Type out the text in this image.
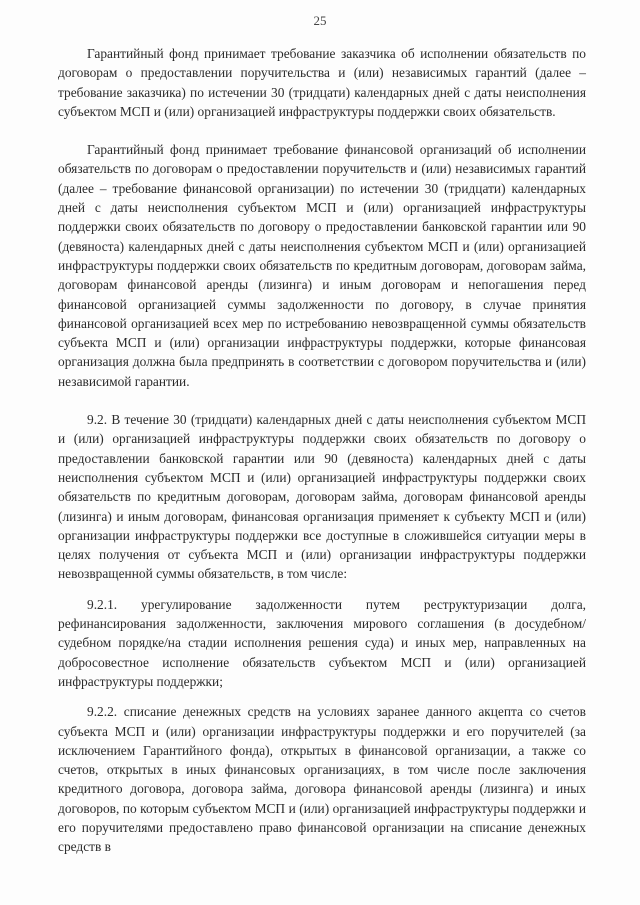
25

Гарантийный фонд принимает требование заказчика об исполнении обязательств по договорам о предоставлении поручительства и (или) независимых гарантий (далее – требование заказчика) по истечении 30 (тридцати) календарных дней с даты неисполнения субъектом МСП и (или) организацией инфраструктуры поддержки своих обязательств.

Гарантийный фонд принимает требование финансовой организаций об исполнении обязательств по договорам о предоставлении поручительств и (или) независимых гарантий (далее – требование финансовой организации) по истечении 30 (тридцати) календарных дней с даты неисполнения субъектом МСП и (или) организацией инфраструктуры поддержки своих обязательств по договору о предоставлении банковской гарантии или 90 (девяноста) календарных дней с даты неисполнения субъектом МСП и (или) организацией инфраструктуры поддержки своих обязательств по кредитным договорам, договорам займа, договорам финансовой аренды (лизинга) и иным договорам и непогашения перед финансовой организацией суммы задолженности по договору, в случае принятия финансовой организацией всех мер по истребованию невозвращенной суммы обязательств субъекта МСП и (или) организации инфраструктуры поддержки, которые финансовая организация должна была предпринять в соответствии с договором поручительства и (или) независимой гарантии.

9.2. В течение 30 (тридцати) календарных дней с даты неисполнения субъектом МСП и (или) организацией инфраструктуры поддержки своих обязательств по договору о предоставлении банковской гарантии или 90 (девяноста) календарных дней с даты неисполнения субъектом МСП и (или) организацией инфраструктуры поддержки своих обязательств по кредитным договорам, договорам займа, договорам финансовой аренды (лизинга) и иным договорам, финансовая организация применяет к субъекту МСП и (или) организации инфраструктуры поддержки все доступные в сложившейся ситуации меры в целях получения от субъекта МСП и (или) организации инфраструктуры поддержки невозвращенной суммы обязательств, в том числе:

9.2.1. урегулирование задолженности путем реструктуризации долга, рефинансирования задолженности, заключения мирового соглашения (в досудебном/судебном порядке/на стадии исполнения решения суда) и иных мер, направленных на добросовестное исполнение обязательств субъектом МСП и (или) организацией инфраструктуры поддержки;

9.2.2. списание денежных средств на условиях заранее данного акцепта со счетов субъекта МСП и (или) организации инфраструктуры поддержки и его поручителей (за исключением Гарантийного фонда), открытых в финансовой организации, а также со счетов, открытых в иных финансовых организациях, в том числе после заключения кредитного договора, договора займа, договора финансовой аренды (лизинга) и иных договоров, по которым субъектом МСП и (или) организацией инфраструктуры поддержки и его поручителями предоставлено право финансовой организации на списание денежных средств в
